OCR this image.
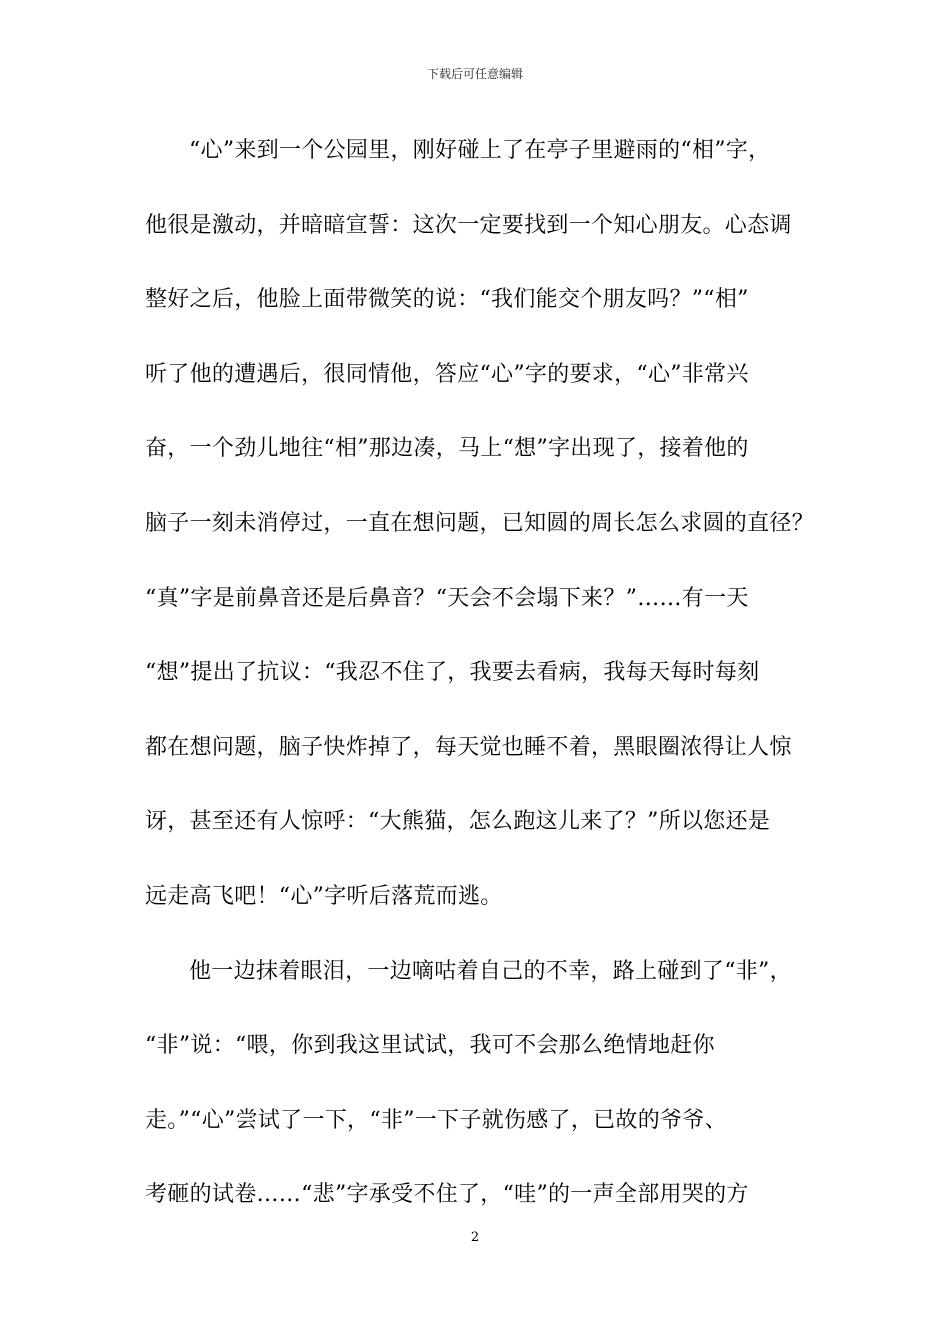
下载后可任意编辑
“心”来到一个公园里，刚好碰上了在亭子里避雨的“相”字，
他很是激动，并暗暗宣誓：这次一定要找到一个知心朋友。心态调
整好之后，他脸上面带微笑的说：“我们能交个朋友吗？”“相”
听了他的遭遇后，很同情他，答应“心”字的要求，“心”非常兴
奋，一个劲儿地往“相”那边凑，马上“想”字出现了，接着他的
脑子一刻未消停过，一直在想问题，已知圆的周长怎么求圆的直径？
“真”字是前鼻音还是后鼻音？“天会不会塌下来？”……有一天
“想”提出了抗议：“我忍不住了，我要去看病，我每天每时每刻
都在想问题，脑子快炸掉了，每天觉也睡不着，黑眼圈浓得让人惊
讶，甚至还有人惊呼：“大熊猫，怎么跑这儿来了？”所以您还是
远走高飞吧！“心”字听后落荒而逃。
他一边抹着眼泪，一边嘀咕着自己的不幸，路上碰到了“非”，
“非”说：“喂，你到我这里试试，我可不会那么绝情地赶你
走。”“心”尝试了一下，“非”一下子就伤感了，已故的爷爷、
考砸的试卷……“悲”字承受不住了，“哇”的一声全部用哭的方
2
